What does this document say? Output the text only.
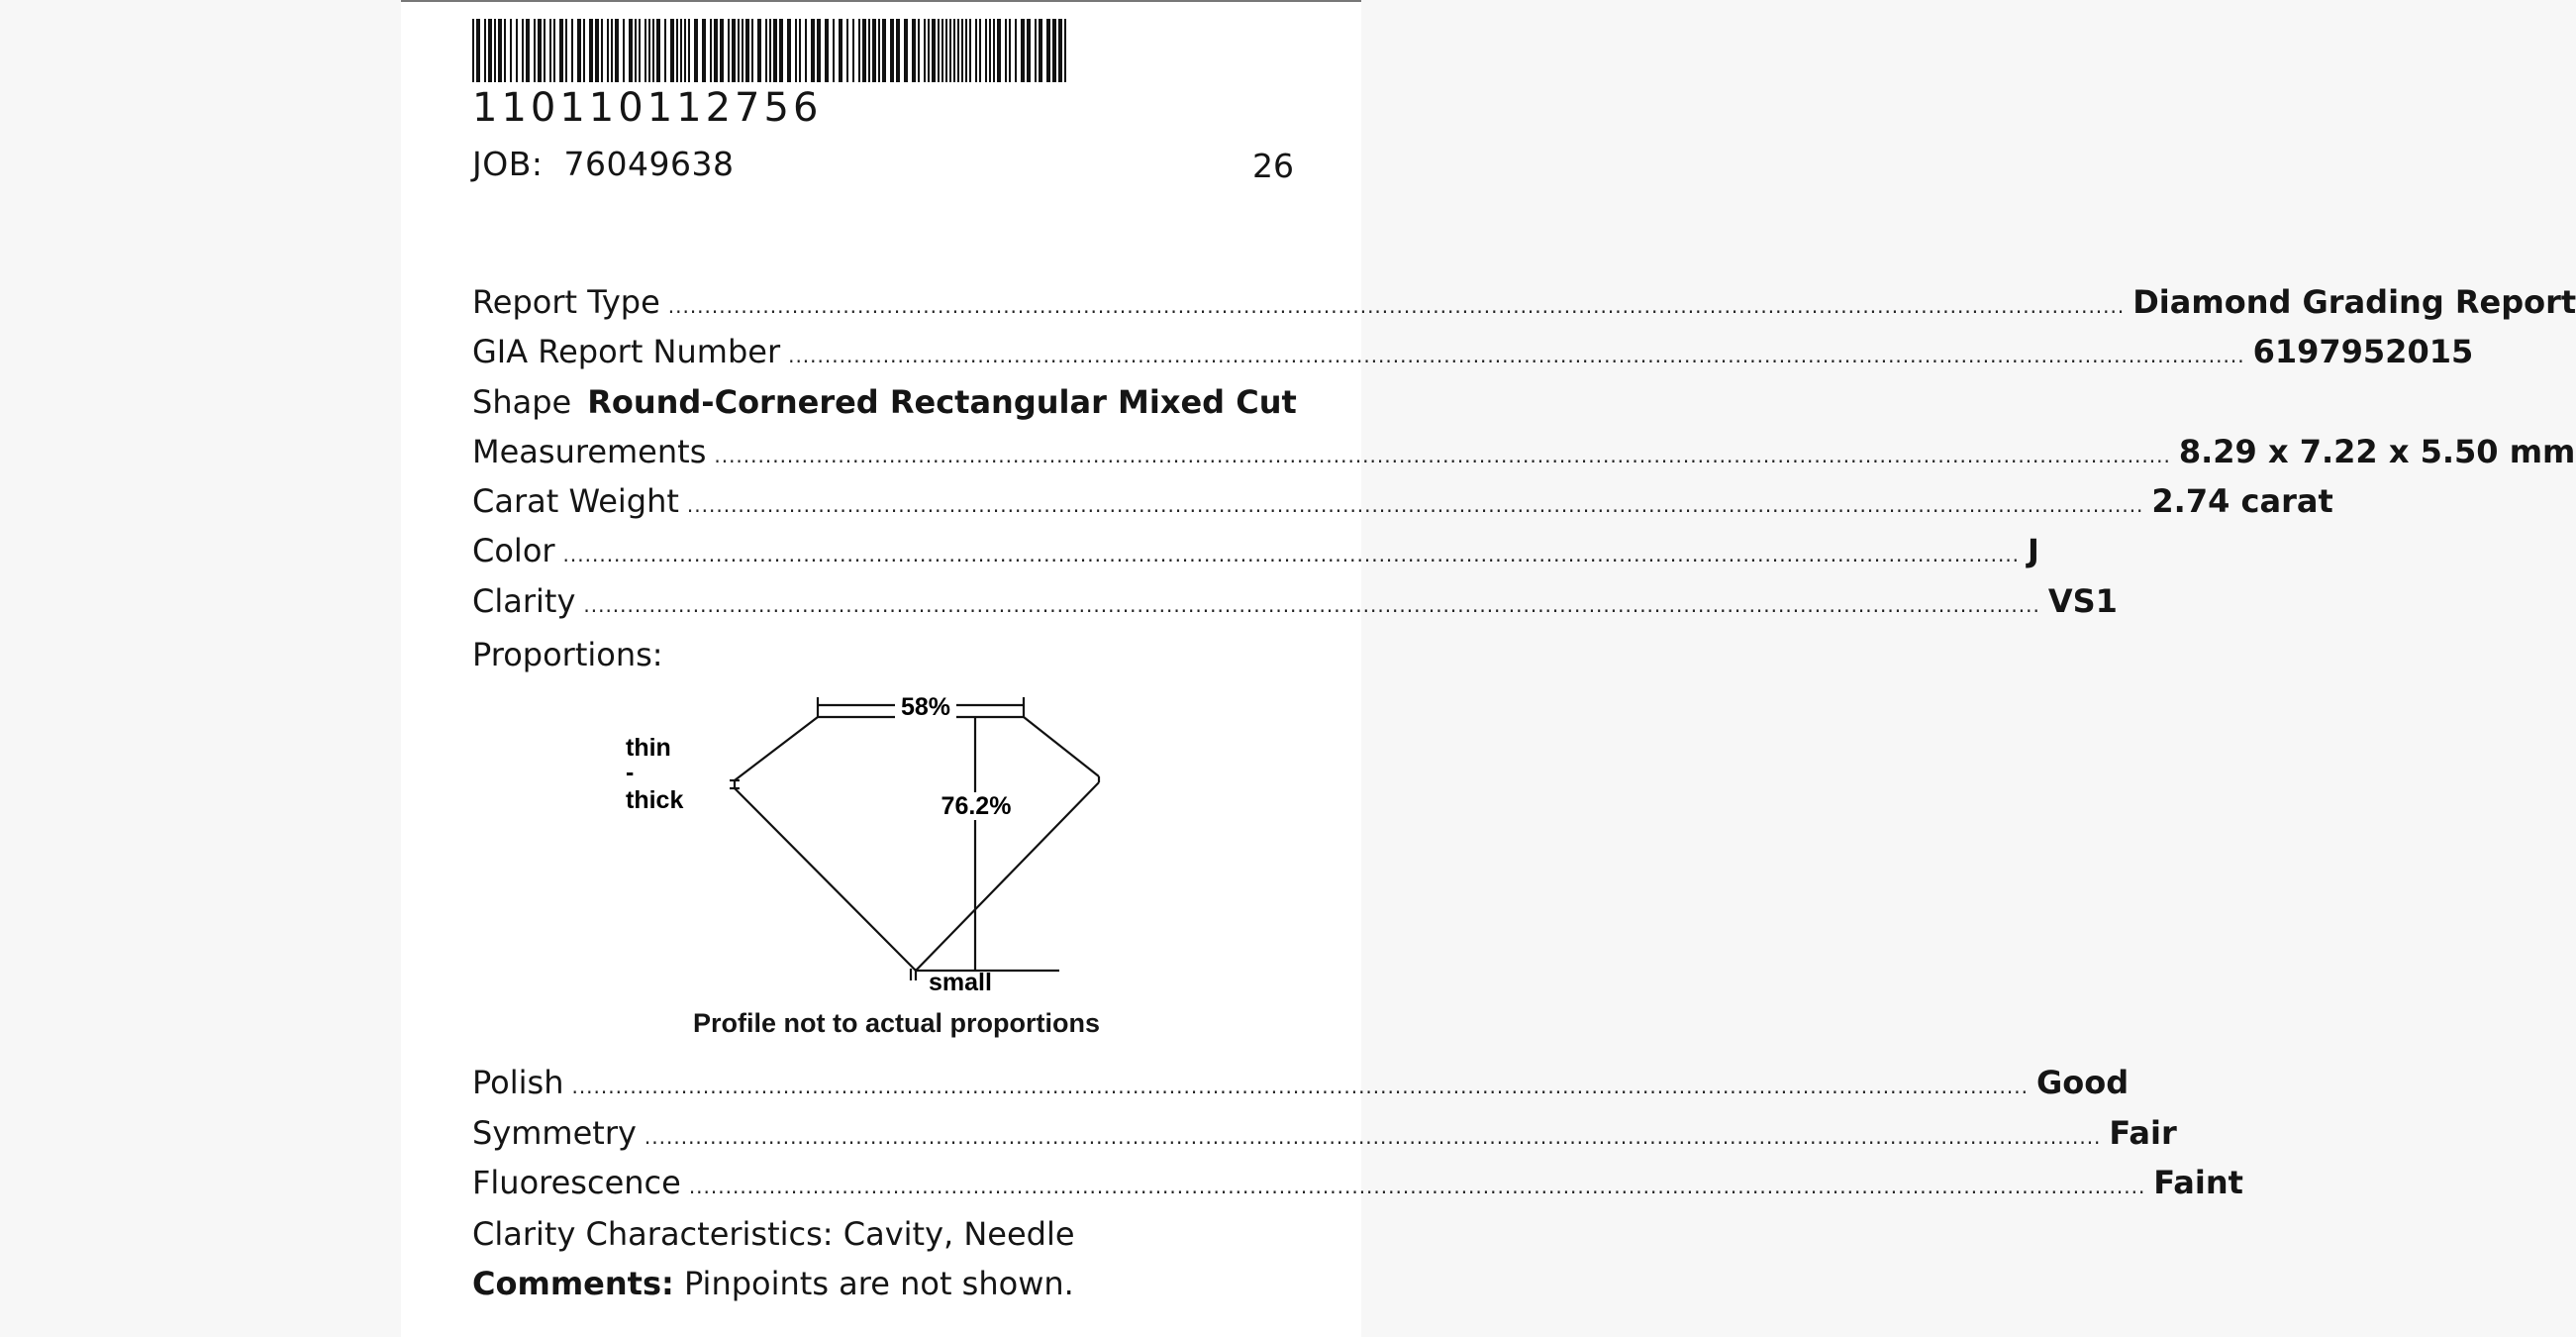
110110112756
JOB: 76049638	26
Report Type ........................................................................................................................................................................................................ Diamond Grading Report
GIA Report Number ........................................................................................................................................................................................................ 6197952015
Shape Round-Cornered Rectangular Mixed Cut
Measurements ........................................................................................................................................................................................................ 8.29 x 7.22 x 5.50 mm
Carat Weight ........................................................................................................................................................................................................ 2.74 carat
Color ........................................................................................................................................................................................................ J
Clarity ........................................................................................................................................................................................................ VS1
Proportions:
58%
76.2%
thin
-
thick
small
Profile not to actual proportions
Polish ........................................................................................................................................................................................................ Good
Symmetry ........................................................................................................................................................................................................ Fair
Fluorescence ........................................................................................................................................................................................................ Faint
Clarity Characteristics: Cavity, Needle
Comments: Pinpoints are not shown.
